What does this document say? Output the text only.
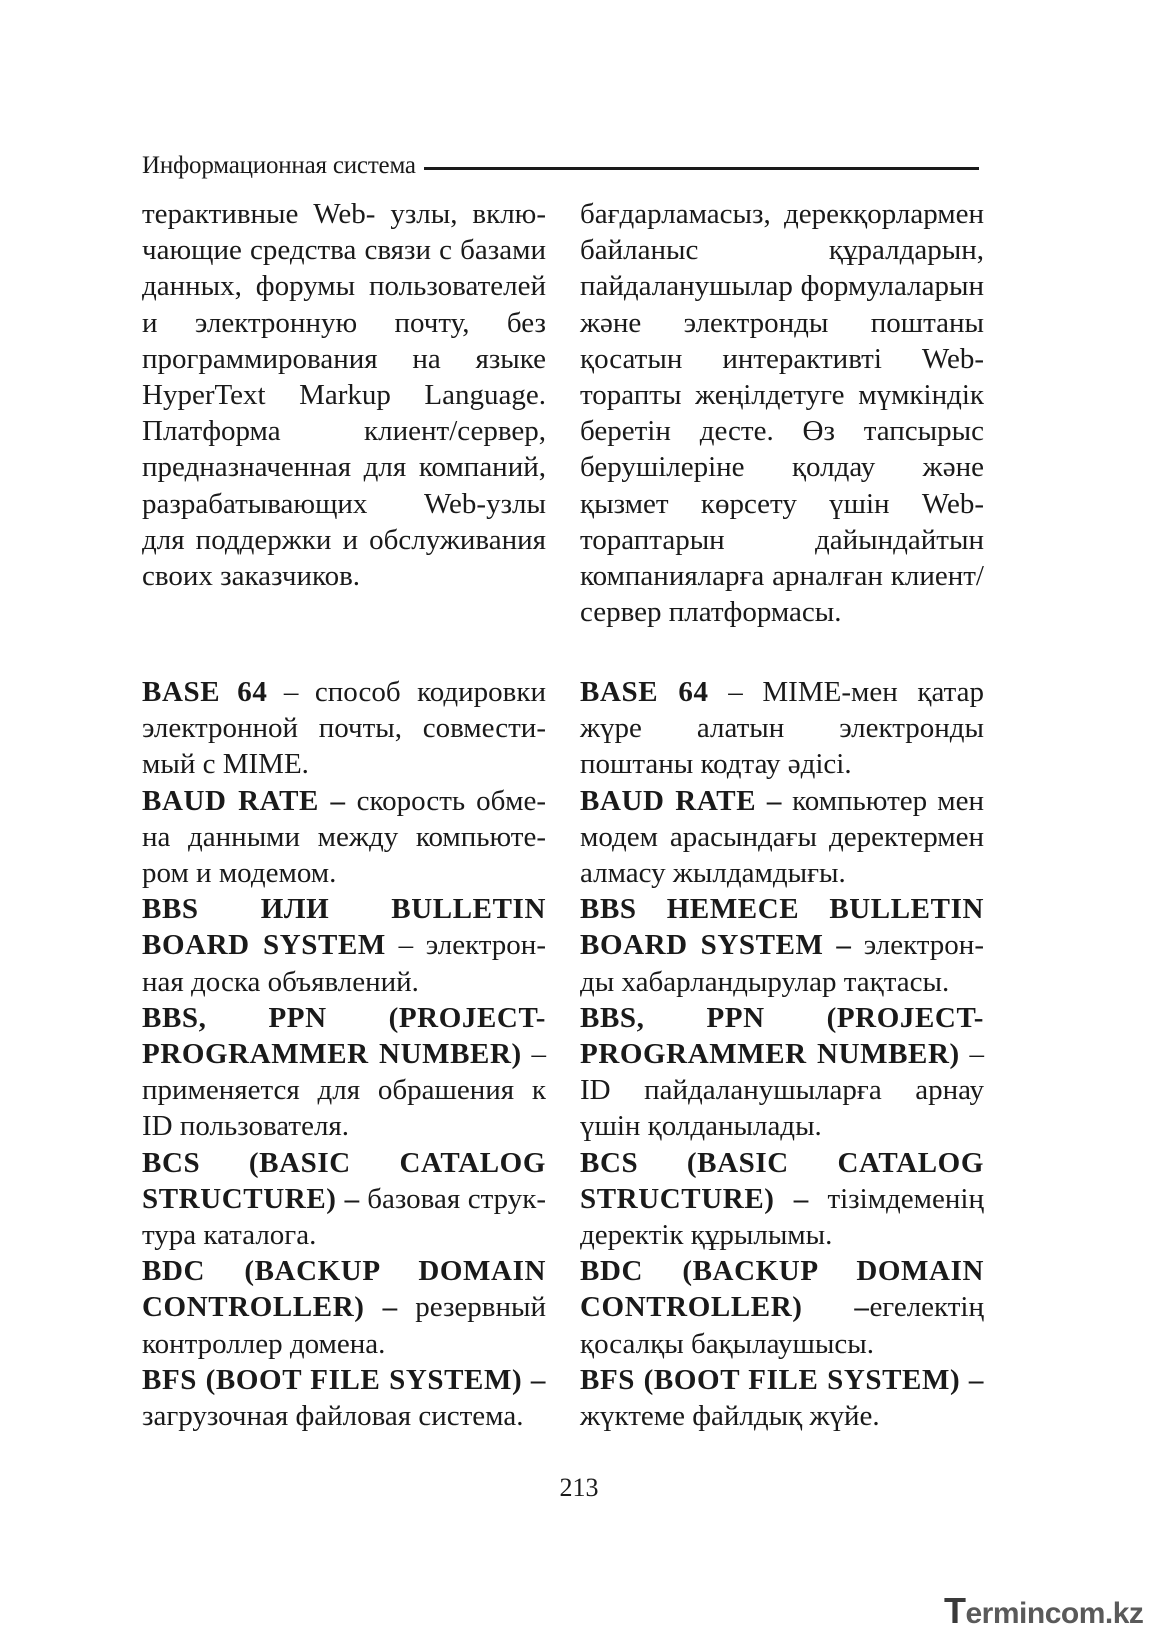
Информационная система
терактивные Web- узлы, включающие средства связи с базами данных, форумы пользователей и электронную почту, без программирования на языке HyperText Markup Language. Платформа клиент/сервер, предназначенная для компаний, разрабатывающих Web-узлы для поддержки и обслуживания своих заказчиков.
BASE 64 – способ кодировки электронной почты, совместимый с MIME.
BAUD RATE – скорость обмена данными между компьютером и модемом.
BBS ИЛИ BULLETIN BOARD SYSTEM – электронная доска объявлений.
BBS, PPN (PROJECT-PROGRAMMER NUMBER) – применяется для обрашения к ID пользователя.
BCS (BASIC CATALOG STRUCTURE) – базовая структура каталога.
BDC (BACKUP DOMAIN CONTROLLER) – резервный контроллер домена.
BFS (BOOT FILE SYSTEM) – загрузочная файловая система.
бағдарламасыз, дерекқорлармен байланыс құралдарын, пайдаланушылар формулаларын және электронды поштаны қосатын интерактивті Web-торапты жеңілдетуге мүмкіндік беретін десте. Өз тапсырыс берушілеріне қолдау және қызмет көрсету үшін Web- тораптарын дайындайтын компанияларға арналған клиент/сервер платформасы.
BASE 64 – MIME-мен қатар жүре алатын электронды поштаны кодтау әдісі.
BAUD RATE – компьютер мен модем арасындағы деректермен алмасу жылдамдығы.
BBS HEMECE BULLETIN BOARD SYSTEM – электронды хабарландырулар тақтасы.
BBS, PPN (PROJECT-PROGRAMMER NUMBER) – ID пайдаланушыларға арнау үшін қолданылады.
BCS (BASIC CATALOG STRUCTURE) – тізімдеменің деректік құрылымы.
BDC (BACKUP DOMAIN CONTROLLER) –егелектің қосалқы бақылаушысы.
BFS (BOOT FILE SYSTEM) – жүктеме файлдық жүйе.
213
Termincom.kz
